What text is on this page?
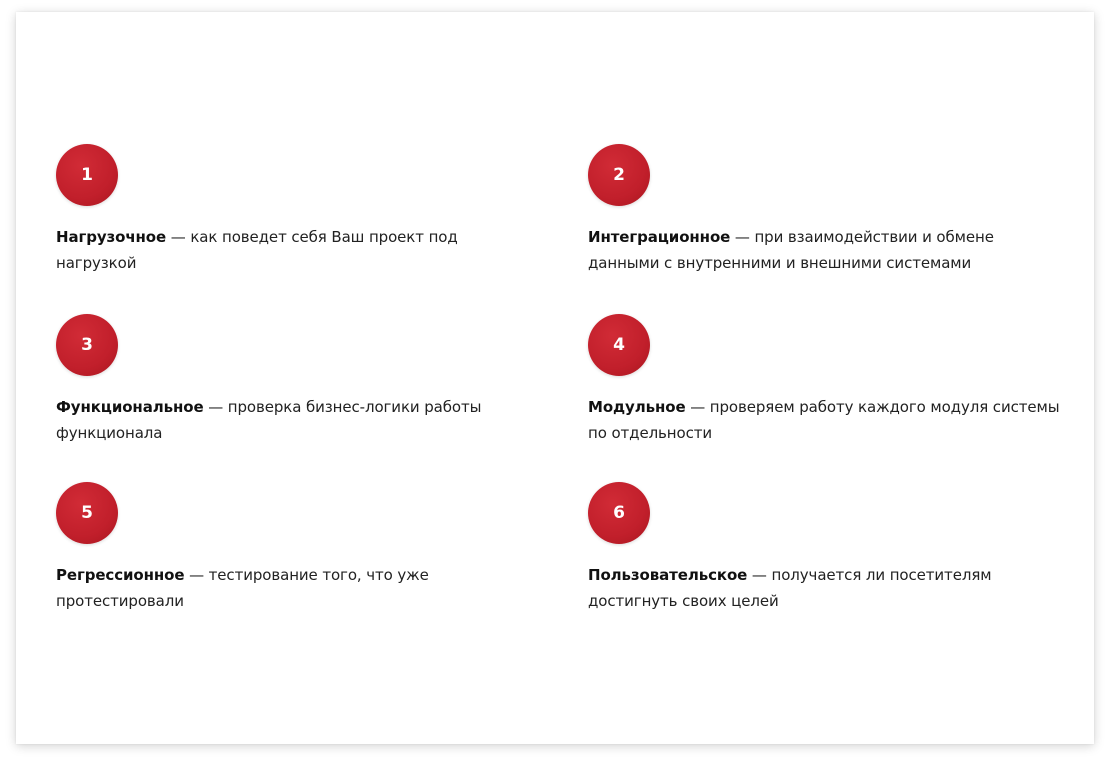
1
Нагрузочное — как поведет себя Ваш проект под нагрузкой
2
Интеграционное — при взаимодействии и обмене данными с внутренними и внешними системами
3
Функциональное — проверка бизнес-логики работы функционала
4
Модульное — проверяем работу каждого модуля системы по отдельности
5
Регрессионное — тестирование того, что уже протестировали
6
Пользовательское — получается ли посетителям достигнуть своих целей
